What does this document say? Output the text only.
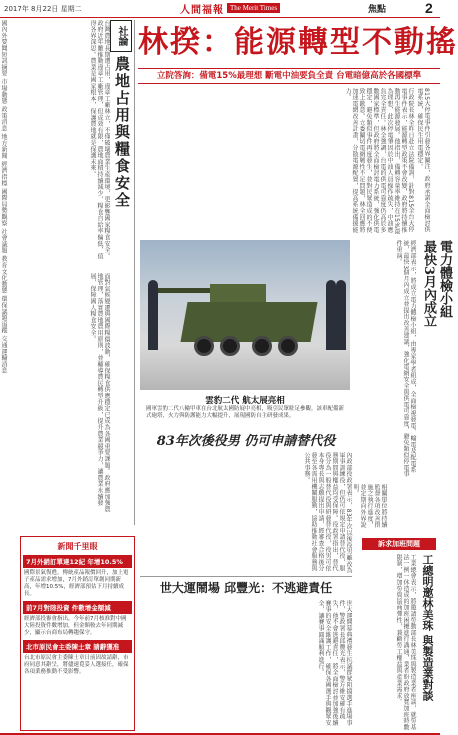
2017年 8月22日 星期二	人間福報 The Merit Times	焦點	2
國內外要聞短訊摘要 市場動態 政策消息 地方新聞 經濟指標 國際局勢觀察 社會議題 教育文化動態 環保議題追蹤 交通運輸消息	社論
農地占用與糧食安全
台灣農地長期遭占用，違章工廠林立，不僅破壞農業生產環境，更影響國家糧食安全。政府近年雖推動違章工廠管理，但成效有限，農地面積持續減少，糧食自給率偏低，值得各界深思。農業是國家根本，保護農地就是保護未來。
面對氣候變遷與國際糧價波動，確保糧食供應穩定已成為各國重要課題。政府應加強農地管理，落實農地農用原則，並輔導農民轉型升級，提升農業競爭力，讓農業永續發展，保障國人糧食安全。
新聞千里眼
7月外銷訂單達12紀 年增10.5%
國際景氣復甦，傳統產品報價回升，加上電子產品需求增加，7月外銷訂單創同期新高，年增10.5%，經濟部預估下月持續成長。
前7月對陸投資 件數增金額減
經濟部投審會指出，今年前7月核准對中國大陸投資件數增加，但金額較去年同期減少，顯示台商布局轉趨保守。
北市原民會主委陳士章 請辭獲准
台北市原民會主委陳士章日前因故請辭，市府同意其辭呈，將儘速覓妥人選接任，確保各項業務推動不受影響。
林揆：能源轉型不動搖
立院答詢：備電15%最理想 斷電中油要負全責 台電暗億高於各國標準
行政院長林全昨日赴立法院備詢，針對815全台大停電事件表示，能源轉型政策不會改變，政府將持續推動再生能源發展。他指出，備轉容量率維持在15%最為理想，此次停電肇因於中油人員操作疏失，中油應負完全責任。林全強調，台電的供電可靠度仍高於多數國家標準，但政府將全面檢討電力系統，強化供電穩定，避免類似事件再度發生，並對民眾造成的不便致上歉意。立委關切電網韌性不足問題，林全回應將加速電網改善計畫，分散電源配置，提高系統備援能力。	815大停電事件引發各界關注，政府承諾全面檢討供電系統，確保民生用電穩定。
電力體檢小組
最快3月內成立
經濟部表示，將成立電力體檢小組，由專家學者組成，全面檢視發電、輸電及配電系統，最快3個月內成立並提出改善建議，強化電網安全與供電可靠度，避免類似停電事件重演。
雲豹二代 航太展亮相
國軍雲豹二代八輪甲車在台北航太國防展中亮相，吸引民眾駐足參觀。該車配備新式砲塔，火力與防護能力大幅提升，展現國防自主研發成果。
83年次後役男 仍可申請替代役
內政部役政署表示，83年次以後役男雖改為軍事訓練役，但仍可依規定申請替代役，服務期間與權益均受保障。役政署指出，替代役分為一般替代役與研發替代役，役男可依本身專長與志願提出申請，經審查合格後分發至各需用機關服勤，協助推動社會服務與公共事務。
世大運鬧場 邱豐光：不逃避責任
世大運開幕典禮發生抗議群眾阻擋選手進場事件，警政署長邱豐光表示，警方維安確有疏失，他不會逃避責任，將全面檢討並加強後續賽事的安全維護工作，確保各國選手與觀眾安全，讓賽事圓滿順利進行。
相關單位將持續監督各項改善措施之執行進度，並定期向外界說明。
訴求加班問題
工總明邀林美珠 與製造業對談
工業總會表示，將邀請勞動部長林美珠與製造業者座談，就勞基法一例一休造成的加班困擾進行溝通，業者盼政府放寬加班時數限制，增加勞資協商彈性，兼顧勞工權益與產業需求。
